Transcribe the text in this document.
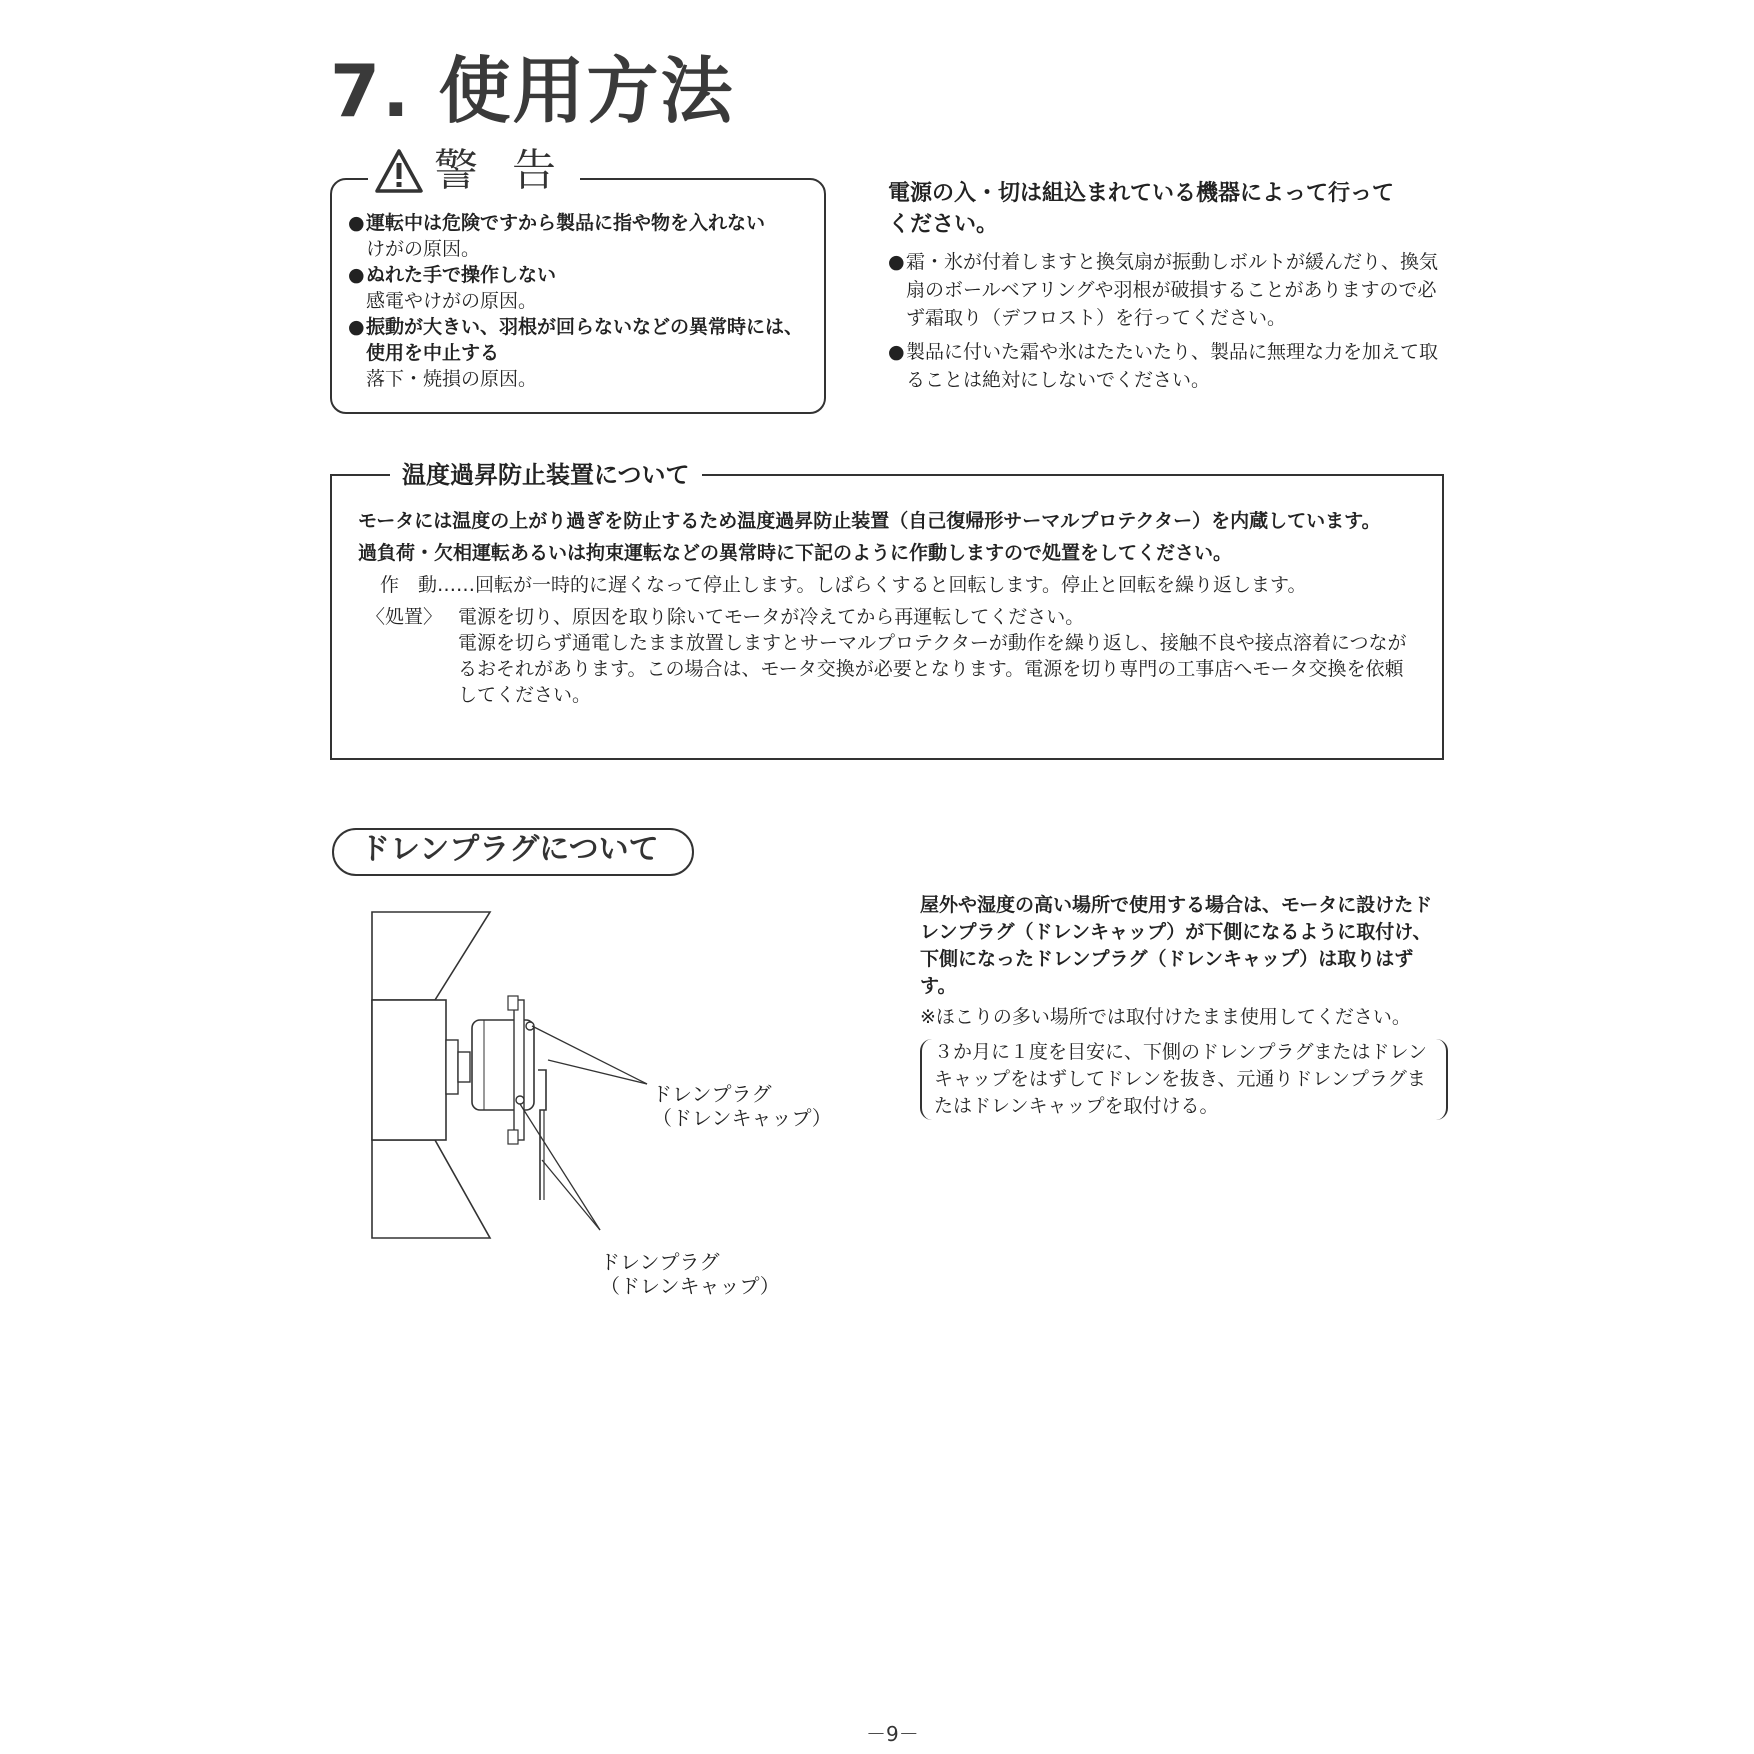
7. 使用方法
警 告
●運転中は危険ですから製品に指や物を入れない
けがの原因。
●ぬれた手で操作しない
感電やけがの原因。
●振動が大きい、羽根が回らないなどの異常時には、
使用を中止する
落下・焼損の原因。
電源の入・切は組込まれている機器によって行って
ください。
● 霜・氷が付着しますと換気扇が振動しボルトが緩んだり、換気扇のボールベアリングや羽根が破損することがありますので必ず霜取り（デフロスト）を行ってください。
● 製品に付いた霜や氷はたたいたり、製品に無理な力を加えて取ることは絶対にしないでください。
温度過昇防止装置について
モータには温度の上がり過ぎを防止するため温度過昇防止装置（自己復帰形サーマルプロテクター）を内蔵しています。
過負荷・欠相運転あるいは拘束運転などの異常時に下記のように作動しますので処置をしてください。
作　動……回転が一時的に遅くなって停止します。しばらくすると回転します。停止と回転を繰り返します。
〈処置〉 電源を切り、原因を取り除いてモータが冷えてから再運転してください。
電源を切らず通電したまま放置しますとサーマルプロテクターが動作を繰り返し、接触不良や接点溶着につながるおそれがあります。この場合は、モータ交換が必要となります。電源を切り専門の工事店へモータ交換を依頼してください。
ドレンプラグについて
屋外や湿度の高い場所で使用する場合は、モータに設けたドレンプラグ（ドレンキャップ）が下側になるように取付け、下側になったドレンプラグ（ドレンキャップ）は取りはずす。
※ほこりの多い場所では取付けたまま使用してください。
３か月に１度を目安に、下側のドレンプラグまたはドレンキャップをはずしてドレンを抜き、元通りドレンプラグまたはドレンキャップを取付ける。
ドレンプラグ
（ドレンキャップ）
ドレンプラグ
（ドレンキャップ）
－9－
